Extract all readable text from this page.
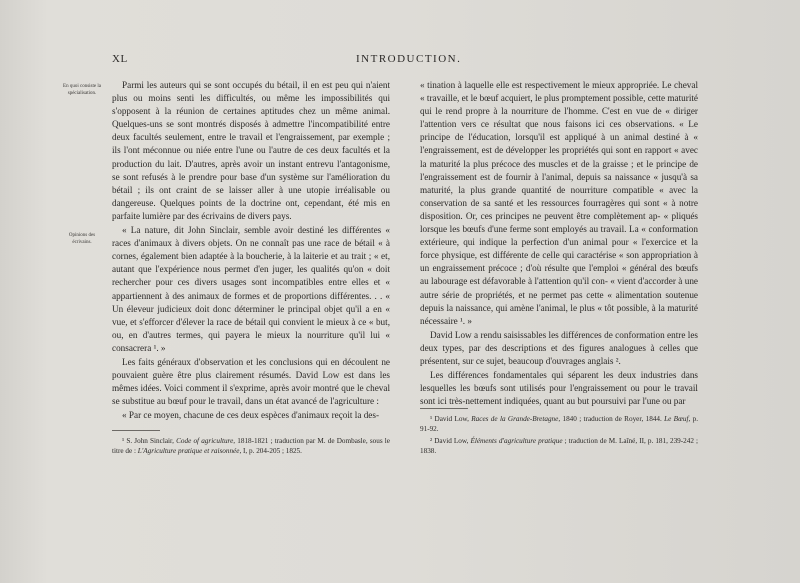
XL	INTRODUCTION.
En quoi consiste la spécialisation.
Opinions des écrivains.

Parmi les auteurs qui se sont occupés du bétail, il en est peu qui n'aient plus ou moins senti les difficultés, ou même les impossibilités qui s'opposent à la réunion de certaines aptitudes chez un même animal. Quelques-uns se sont montrés disposés à admettre l'incompatibilité entre deux facultés seulement, entre le travail et l'engraissement, par exemple ; ils l'ont méconnue ou niée entre l'une ou l'autre de ces deux facultés et la production du lait. D'autres, après avoir un instant entrevu l'antagonisme, se sont refusés à le prendre pour base d'un système sur l'amélioration du bétail ; ils ont craint de se laisser aller à une utopie irréalisable ou dangereuse. Quelques points de la doctrine ont, cependant, été mis en parfaite lumière par des écrivains de divers pays.

« La nature, dit John Sinclair, semble avoir destiné les différentes « races d'animaux à divers objets. On ne connaît pas une race de bétail « à cornes, également bien adaptée à la boucherie, à la laiterie et au trait ; « et, autant que l'expérience nous permet d'en juger, les qualités qu'on « doit rechercher pour ces divers usages sont incompatibles entre elles et « appartiennent à des animaux de formes et de proportions différentes. . . « Un éleveur judicieux doit donc déterminer le principal objet qu'il a en « vue, et s'efforcer d'élever la race de bétail qui convient le mieux à ce « but, ou, en d'autres termes, qui payera le mieux la nourriture qu'il lui « consacrera ¹. »

Les faits généraux d'observation et les conclusions qui en découlent ne pouvaient guère être plus clairement résumés. David Low est dans les mêmes idées. Voici comment il s'exprime, après avoir montré que le cheval se substitue au bœuf pour le travail, dans un état avancé de l'agriculture :

« Par ce moyen, chacune de ces deux espèces d'animaux reçoit la des-

« tination à laquelle elle est respectivement le mieux appropriée. Le cheval « travaille, et le bœuf acquiert, le plus promptement possible, cette maturité qui le rend propre à la nourriture de l'homme. C'est en vue de « diriger l'attention vers ce résultat que nous faisons ici ces observations. « Le principe de l'éducation, lorsqu'il est appliqué à un animal destiné à « l'engraissement, est de développer les propriétés qui sont en rapport « avec la maturité la plus précoce des muscles et de la graisse ; et le principe de l'engraissement est de fournir à l'animal, depuis sa naissance « jusqu'à sa maturité, la plus grande quantité de nourriture compatible « avec la conservation de sa santé et les ressources fourragères qui sont « à notre disposition. Or, ces principes ne peuvent être complètement ap- « pliqués lorsque les bœufs d'une ferme sont employés au travail. La « conformation extérieure, qui indique la perfection d'un animal pour « l'exercice et la force physique, est différente de celle qui caractérise « son appropriation à un engraissement précoce ; d'où résulte que l'emploi « général des bœufs au labourage est défavorable à l'attention qu'il con- « vient d'accorder à une autre série de propriétés, et ne permet pas cette « alimentation soutenue depuis la naissance, qui amène l'animal, le plus « tôt possible, à la maturité nécessaire ¹. »

David Low a rendu saisissables les différences de conformation entre les deux types, par des descriptions et des figures analogues à celles que présentent, sur ce sujet, beaucoup d'ouvrages anglais ².

Les différences fondamentales qui séparent les deux industries dans lesquelles les bœufs sont utilisés pour l'engraissement ou pour le travail sont ici très-nettement indiquées, quant au but poursuivi par l'une ou par

¹ S. John Sinclair, Code of agriculture, 1818-1821 ; traduction par M. de Dombasle, sous le titre de : L'Agriculture pratique et raisonnée, I, p. 204-205 ; 1825.

¹ David Low, Races de la Grande-Bretagne, 1840 ; traduction de Royer, 1844. Le Bœuf, p. 91-92.

² David Low, Éléments d'agriculture pratique ; traduction de M. Laîné, II, p. 181, 239-242 ; 1838.
